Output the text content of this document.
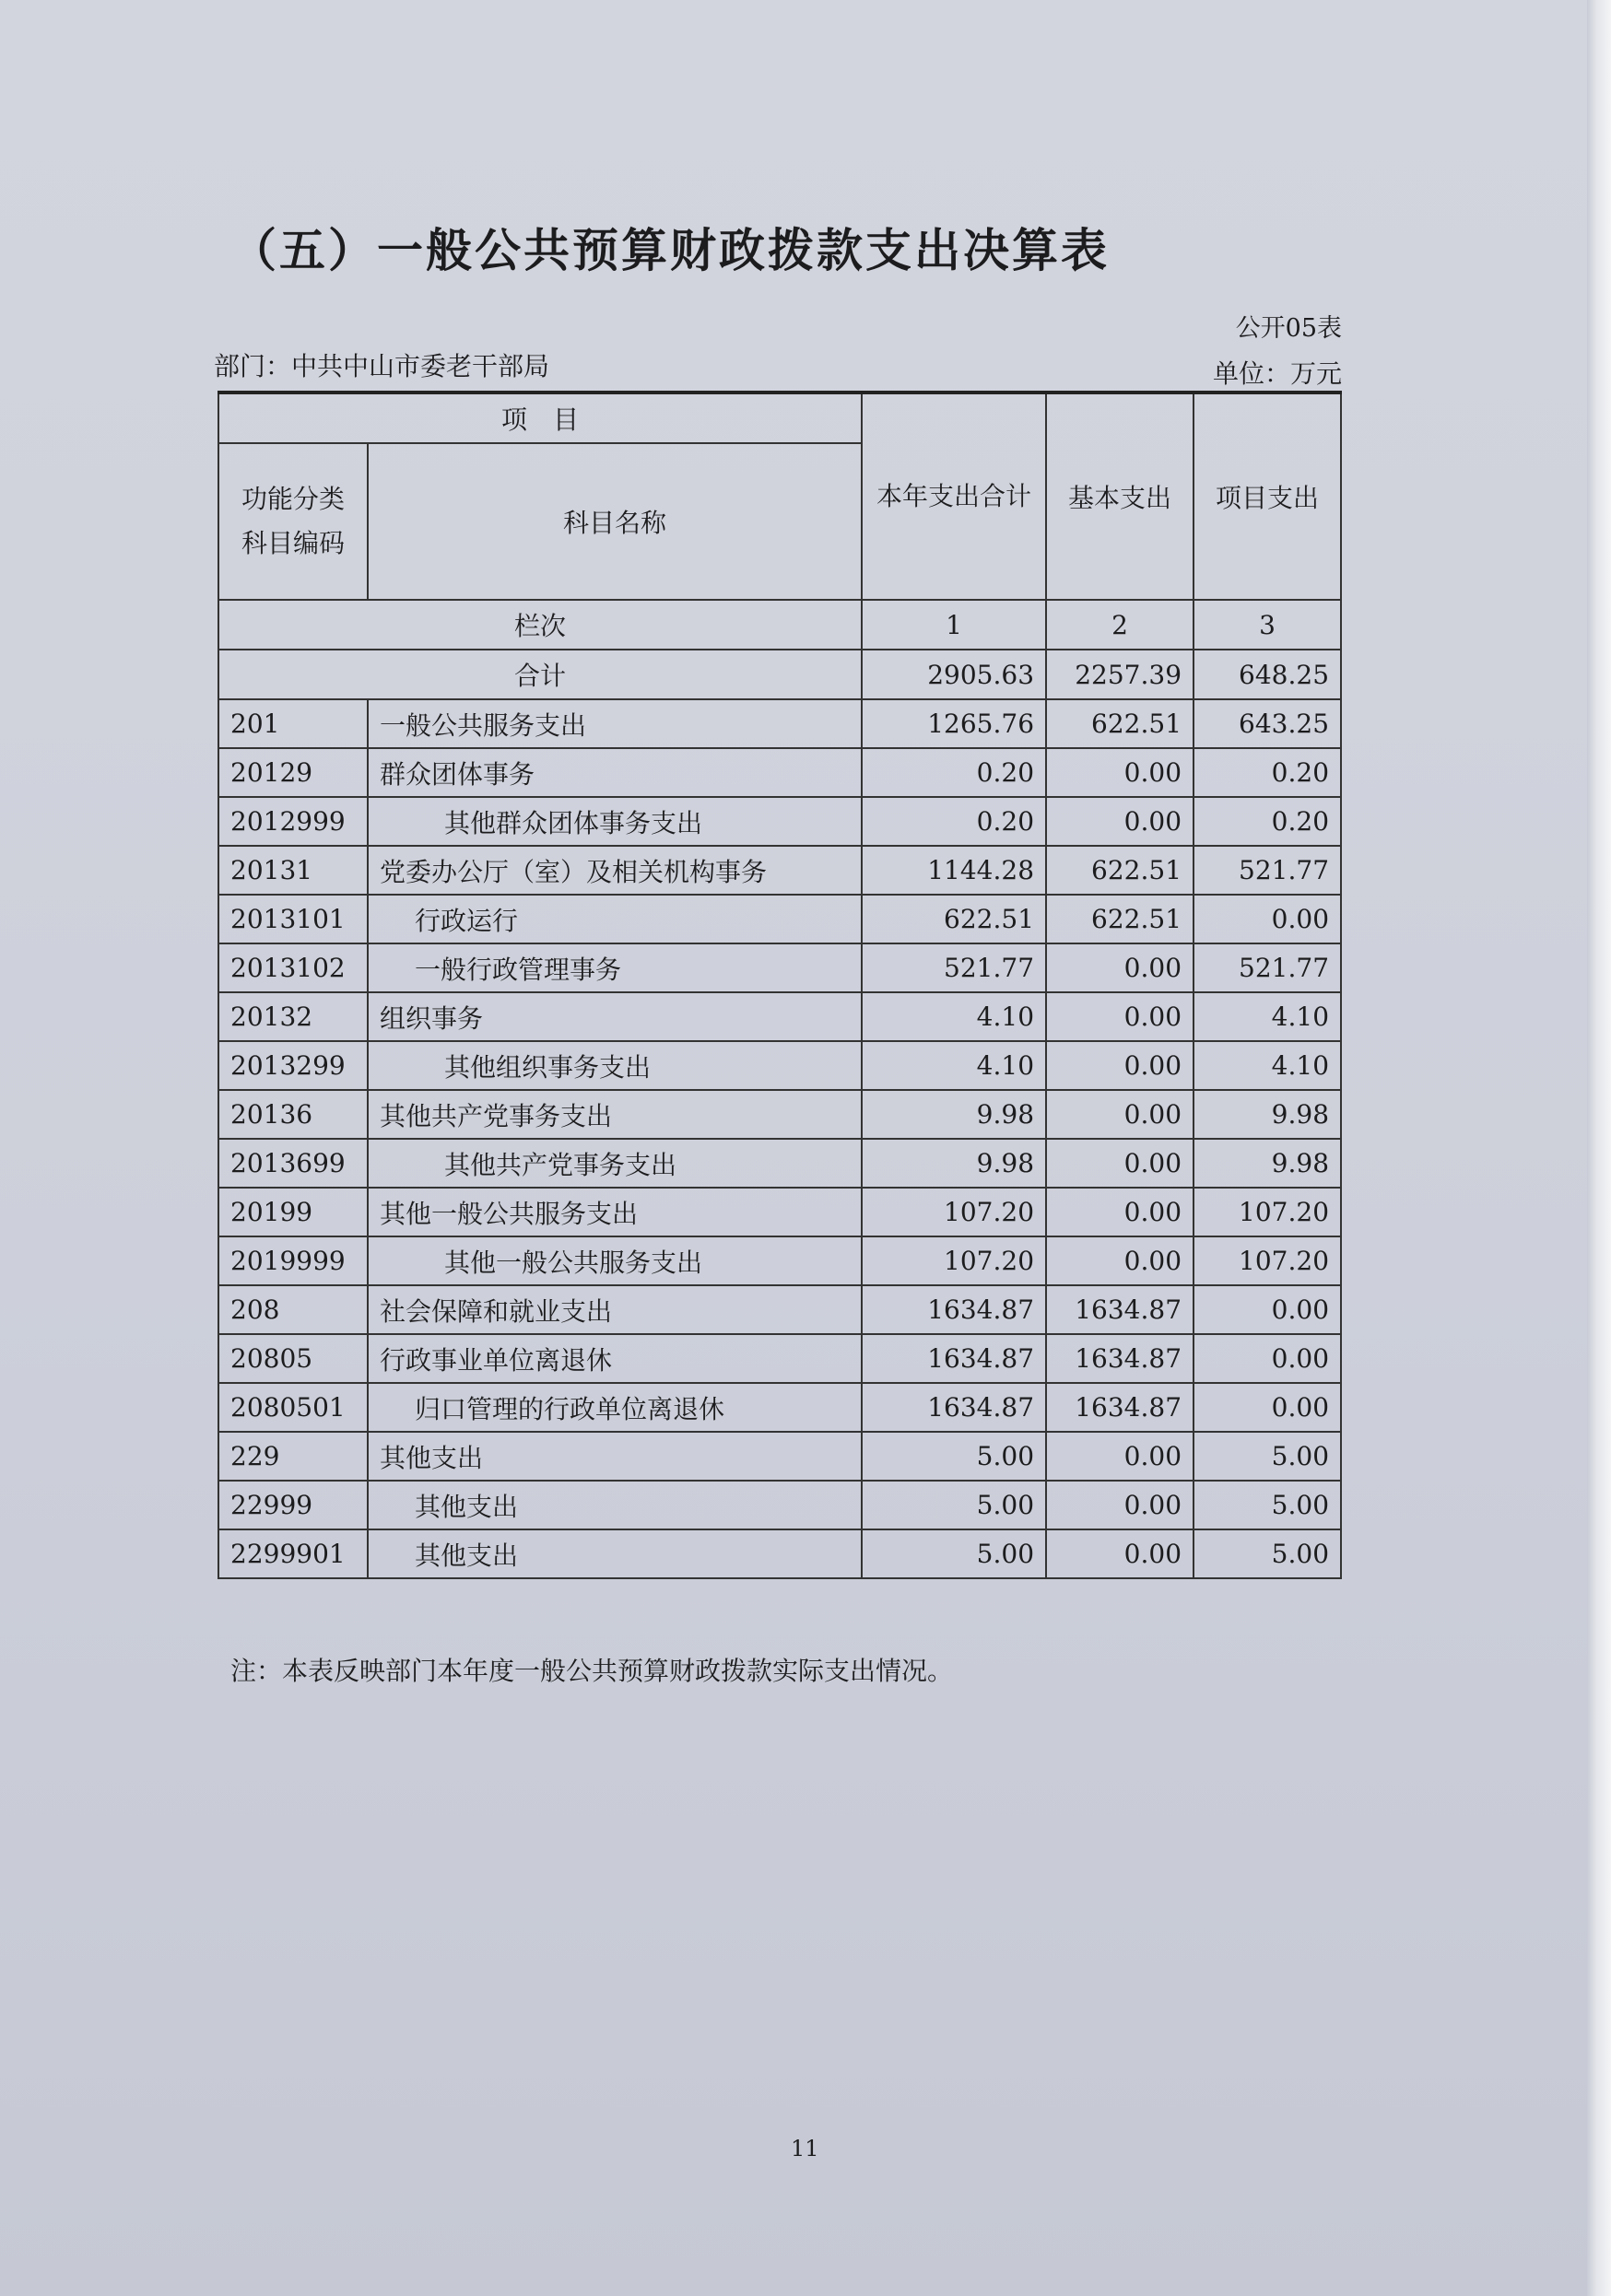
（五）一般公共预算财政拨款支出决算表
公开05表
部门：中共中山市委老干部局	单位：万元
项　目		本年支出合计	基本支出	项目支出
功能分类科目编码	科目名称			
栏次		1	2	3
合计		2905.63	2257.39	648.25
201	一般公共服务支出	1265.76	622.51	643.25
20129	群众团体事务	0.20	0.00	0.20
2012999	其他群众团体事务支出	0.20	0.00	0.20
20131	党委办公厅（室）及相关机构事务	1144.28	622.51	521.77
2013101	行政运行	622.51	622.51	0.00
2013102	一般行政管理事务	521.77	0.00	521.77
20132	组织事务	4.10	0.00	4.10
2013299	其他组织事务支出	4.10	0.00	4.10
20136	其他共产党事务支出	9.98	0.00	9.98
2013699	其他共产党事务支出	9.98	0.00	9.98
20199	其他一般公共服务支出	107.20	0.00	107.20
2019999	其他一般公共服务支出	107.20	0.00	107.20
208	社会保障和就业支出	1634.87	1634.87	0.00
20805	行政事业单位离退休	1634.87	1634.87	0.00
2080501	归口管理的行政单位离退休	1634.87	1634.87	0.00
229	其他支出	5.00	0.00	5.00
22999	其他支出	5.00	0.00	5.00
2299901	其他支出	5.00	0.00	5.00
注：本表反映部门本年度一般公共预算财政拨款实际支出情况。
11
